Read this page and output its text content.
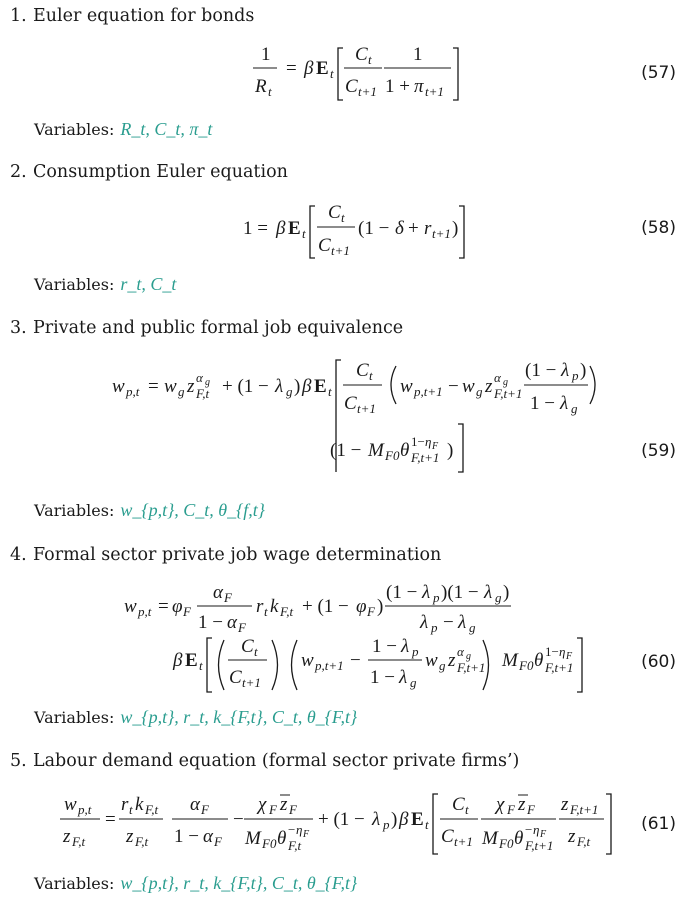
1. Euler equation for bonds
1
R t
= β E t
C t
C t+1
1
1 + π t+1
(57)
Variables: R_t, C_t, π_t
2. Consumption Euler equation
1 = β E t
C t
C t+1
(1 − δ + r t+1 )	(58)
Variables: r_t, C_t
3. Private and public formal job equivalence
w p,t = w g z F,t
α g + (1 − λ g ) β E t
C t
C t+1
w p,t+1 − w g z F,t+1
α g
(1 − λ p )
1 − λ g
(1 − M F0 θ F,t+1
1− η F )	(59)
Variables: w_{p,t}, C_t, θ_{f,t}
4. Formal sector private job wage determination
w p,t = φ F
α F
1 − α F
r t k F,t + (1 − φ F )
(1 − λ p )(1 − λ g )
λ p − λ g
β E t
C t
C t+1
w p,t+1 −
1 − λ p
1 − λ g
w g z F,t+1
α g M F0 θ F,t+1
1− η F	(60)
Variables: w_{p,t}, r_t, k_{F,t}, C_t, θ_{F,t}
5. Labour demand equation (formal sector private firms’)
w p,t
z F,t
=
r t k F,t
z F,t
α F
1 − α F
−
χ F z F
M F0 θ F,t
− η F
+ (1 − λ p ) β E t
C t
C t+1
χ F z F
M F0 θ F,t+1
− η F
z F,t+1
z F,t
(61)
Variables: w_{p,t}, r_t, k_{F,t}, C_t, θ_{F,t}
